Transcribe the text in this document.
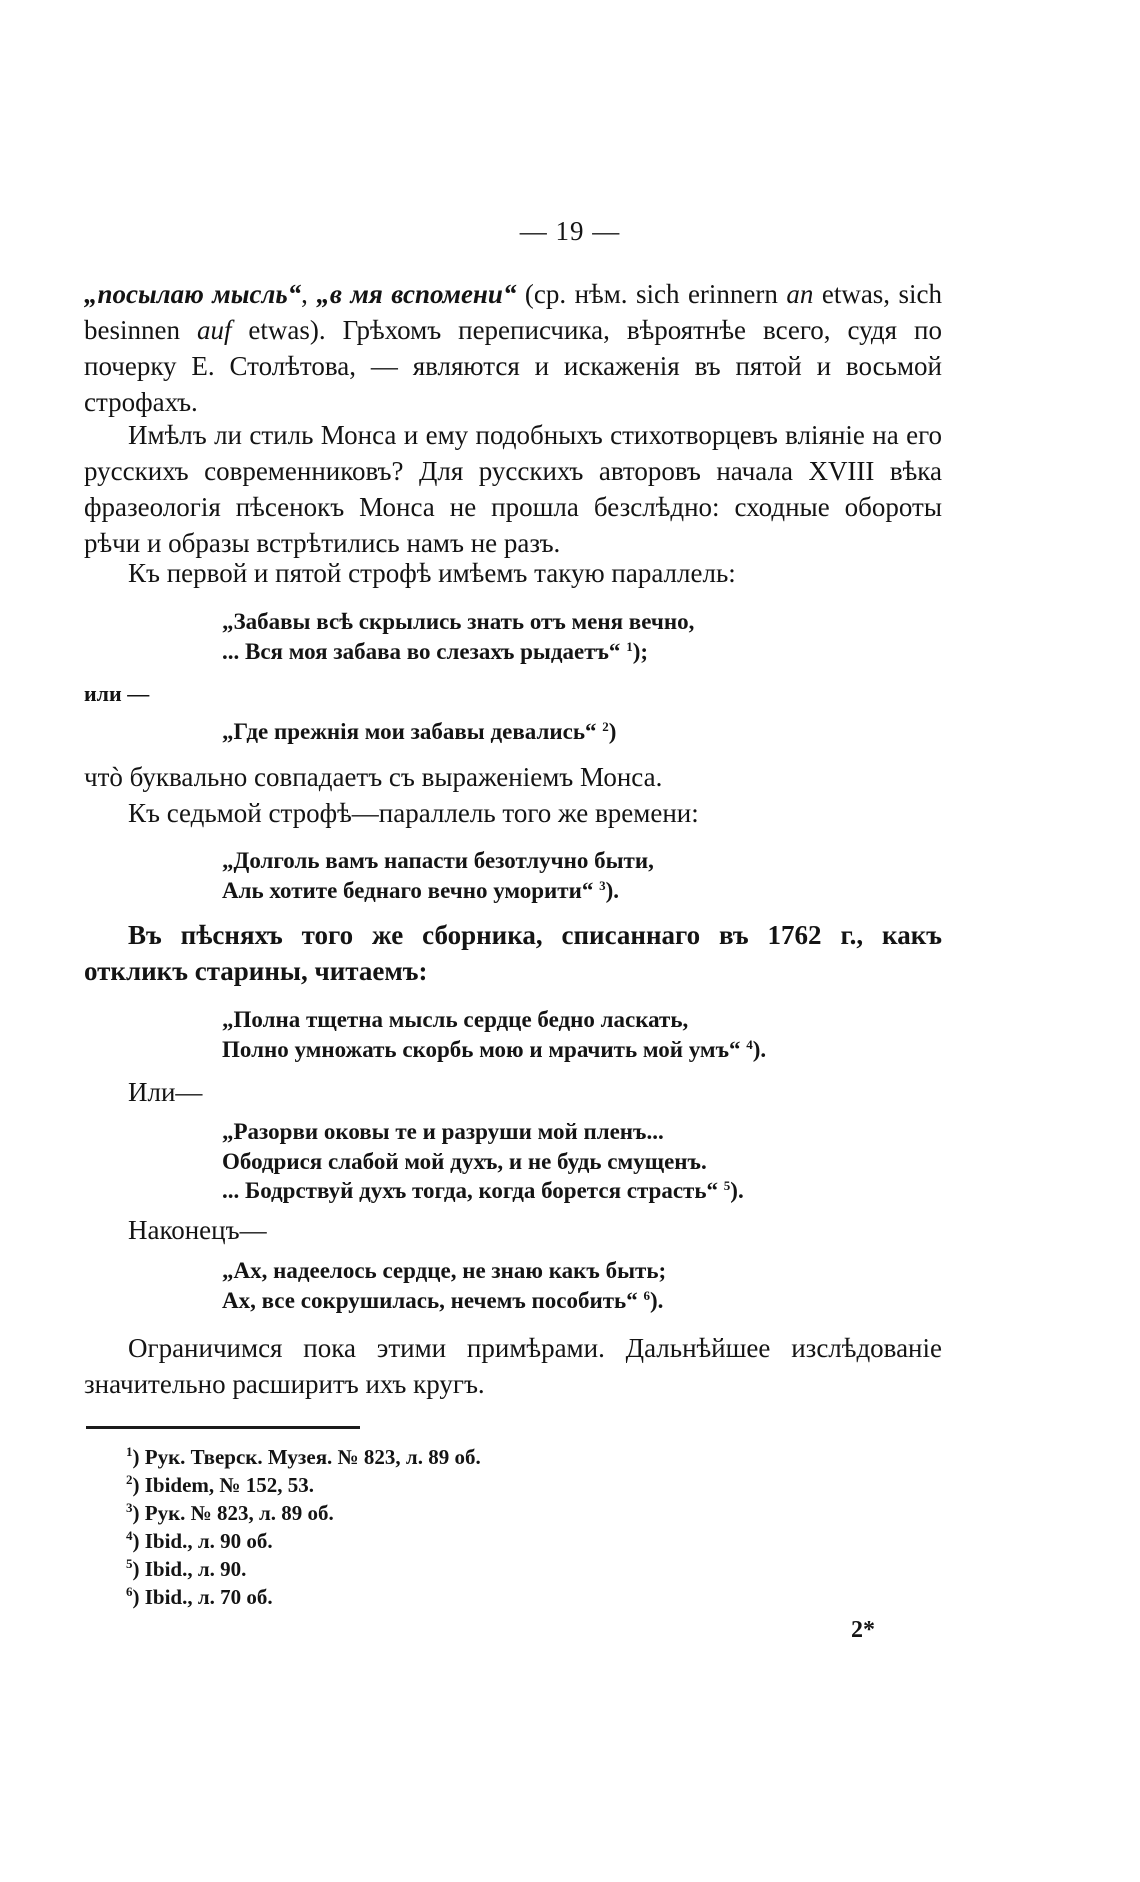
— 19 —

„посылаю мысль“, „в мя вспомени“ (ср. нѣм. sich erinnern an etwas, sich besinnen auf etwas). Грѣхомъ переписчика, вѣроятнѣе всего, судя по почерку Е. Столѣтова, — являются и искаженія въ пятой и восьмой строфахъ.

Имѣлъ ли стиль Монса и ему подобныхъ стихотворцевъ вліяніе на его русскихъ современниковъ? Для русскихъ авторовъ начала XVIII вѣка фразеологія пѣсенокъ Монса не прошла безслѣдно: сходные обороты рѣчи и образы встрѣтились намъ не разъ.

Къ первой и пятой строфѣ имѣемъ такую параллель:

„Забавы всѣ скрылись знать отъ меня вечно,
... Вся моя забава во слезахъ рыдаетъ“ $^1$);
или —
„Где прежнія мои забавы девались“ $^2$)

чтò буквально совпадаетъ съ выраженіемъ Монса.

Къ седьмой строфѣ—параллель того же времени:

„Долголь вамъ напасти безотлучно быти,
Аль хотите беднаго вечно уморити“ $^3$).

Въ пѣсняхъ того же сборника, списаннаго въ 1762 г., какъ откликъ старины, читаемъ:

„Полна тщетна мысль сердце бедно ласкать,
Полно умножать скорбь мою и мрачить мой умъ“ $^4$).
Или—
„Разорви оковы те и разруши мой пленъ...
Ободрися слабой мой духъ, и не будь смущенъ.
... Бодрствуй духъ тогда, когда борется страсть“ $^5$).
Наконецъ—
„Ах, надеелось сердце, не знаю какъ быть;
Ах, все сокрушилась, нечемъ пособить“ $^6$).

Ограничимся пока этими примѣрами. Дальнѣйшее изслѣдованіе значительно расширитъ ихъ кругъ.

$^1$) Рук. Тверск. Музея. № 823, л. 89 об.
$^2$) Ibidem, № 152, 53.
$^3$) Рук. № 823, л. 89 об.
$^4$) Ibid., л. 90 об.
$^5$) Ibid., л. 90.
$^6$) Ibid., л. 70 об.
2*
